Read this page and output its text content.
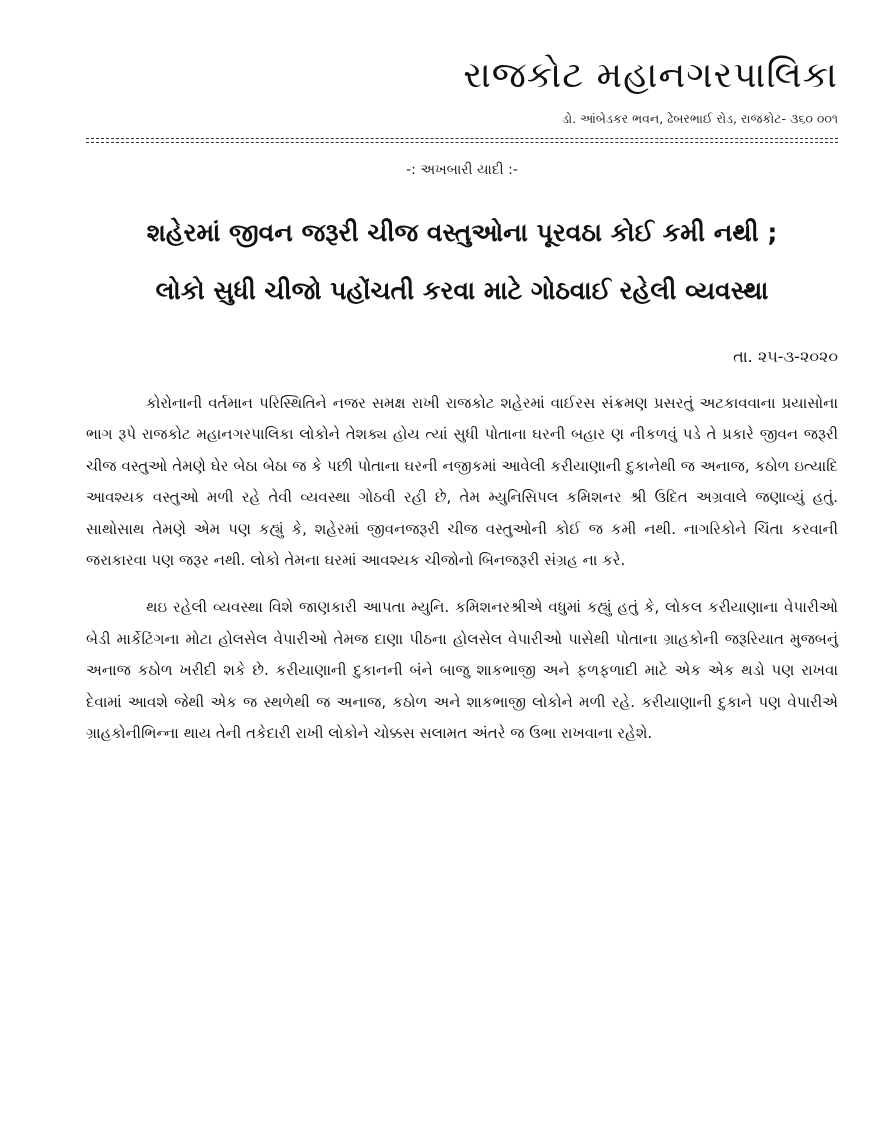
રાજકોટ મહાનગરપાલિકા
ડો. આંબેડકર ભવન, ઢેબરભાઈ રોડ, રાજકોટ- ૩૬૦ ૦૦૧
-: અખબારી યાદી :-
શહેરમાં જીવન જરૂરી ચીજ વસ્તુઓના પૂરવઠા કોઈ કમી નથી ;
લોકો સુધી ચીજો પહોંચતી કરવા માટે ગોઠવાઈ રહેલી વ્યવસ્થા
તા. ૨૫-૩-૨૦૨૦

કોરોનાની વર્તમાન પરિસ્થિતિને નજર સમક્ષ રાખી રાજકોટ શહેરમાં વાઈરસ સંક્રમણ પ્રસરતું અટકાવવાના પ્રયાસોના ભાગ રૂપે રાજકોટ મહાનગરપાલિકા લોકોને તેશક્ય હોય ત્યાં સુધી પોતાના ઘરની બહાર ણ નીકળવું પડે તે પ્રકારે જીવન જરૂરી ચીજ વસ્તુઓ તેમણે ઘેર બેઠા બેઠા જ કે પછી પોતાના ઘરની નજીકમાં આવેલી કરીયાણાની દુકાનેથી જ અનાજ, કઠોળ ઇત્યાદિ આવશ્યક વસ્તુઓ મળી રહે તેવી વ્યવસ્થા ગોઠવી રહી છે, તેમ મ્યુનિસિપલ કમિશનર શ્રી ઉદિત અગ્રવાલે જણાવ્યું હતું. સાથોસાથ તેમણે એમ પણ કહ્યું કે, શહેરમાં જીવનજરૂરી ચીજ વસ્તુઓની કોઈ જ કમી નથી. નાગરિકોને ચિંતા કરવાની જરાકારવા પણ જરૂર નથી. લોકો તેમના ઘરમાં આવશ્યક ચીજોનો બિનજરૂરી સંગ્રહ ના કરે.

થઇ રહેલી વ્યવસ્થા વિશે જાણકારી આપતા મ્યુનિ. કમિશનરશ્રીએ વધુમાં કહ્યું હતું કે, લોકલ કરીયાણાના વેપારીઓ બેડી માર્કેટિંગના મોટા હોલસેલ વેપારીઓ તેમજ દાણા પીઠના હોલસેલ વેપારીઓ પાસેથી પોતાના ગ્રાહકોની જરૂરિયાત મુજબનું અનાજ કઠોળ ખરીદી શકે છે. કરીયાણાની દુકાનની બંને બાજુ શાકભાજી અને ફળફળાદી માટે એક એક થડો પણ રાખવા દેવામાં આવશે જેથી એક જ સ્થળેથી જ અનાજ, કઠોળ અને શાકભાજી લોકોને મળી રહે. કરીયાણાની દુકાને પણ વેપારીએ ગ્રાહકોનીભિન્ના થાય તેની તકેદારી રાખી લોકોને ચોક્કસ સલામત અંતરે જ ઉભા રાખવાના રહેશે.
